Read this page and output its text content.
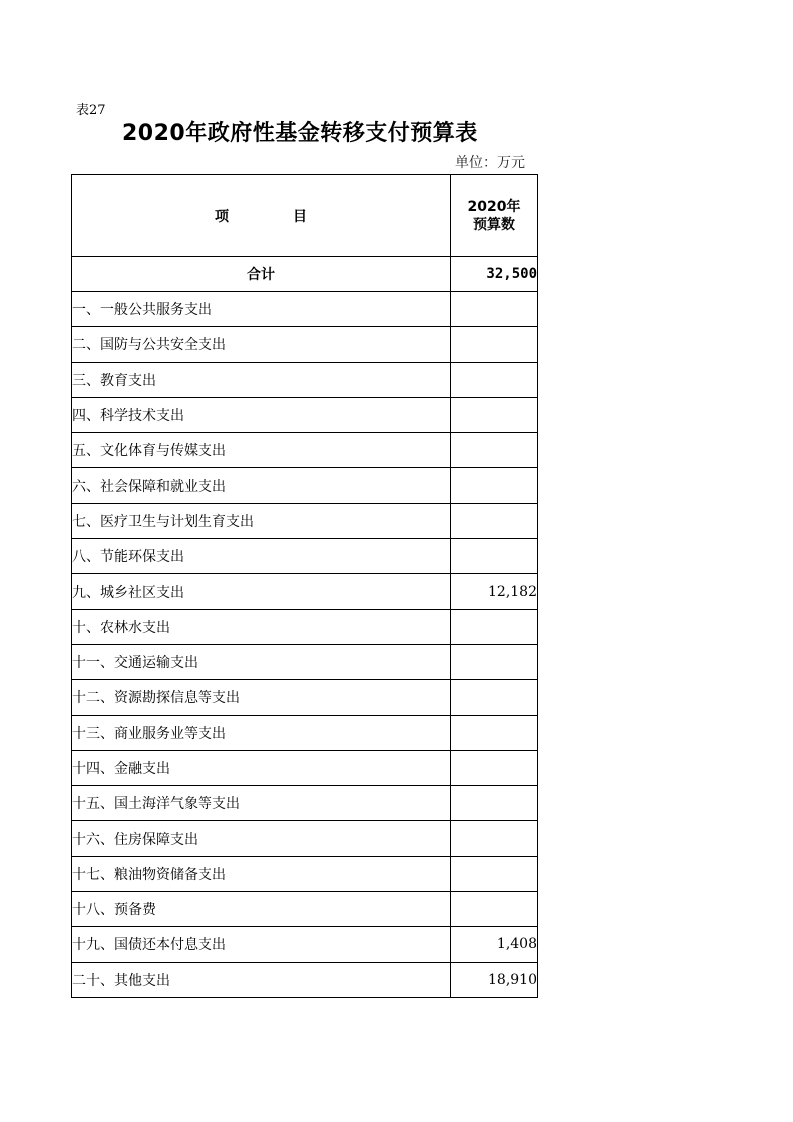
表27
2020年政府性基金转移支付预算表
单位：万元
项 目	2020年
预算数

合计	32,500
一、一般公共服务支出	
二、国防与公共安全支出	
三、教育支出	
四、科学技术支出	
五、文化体育与传媒支出	
六、社会保障和就业支出	
七、医疗卫生与计划生育支出	
八、节能环保支出	
九、城乡社区支出	12,182
十、农林水支出	
十一、交通运输支出	
十二、资源勘探信息等支出	
十三、商业服务业等支出	
十四、金融支出	
十五、国土海洋气象等支出	
十六、住房保障支出	
十七、粮油物资储备支出	
十八、预备费	
十九、国债还本付息支出	1,408
二十、其他支出	18,910
